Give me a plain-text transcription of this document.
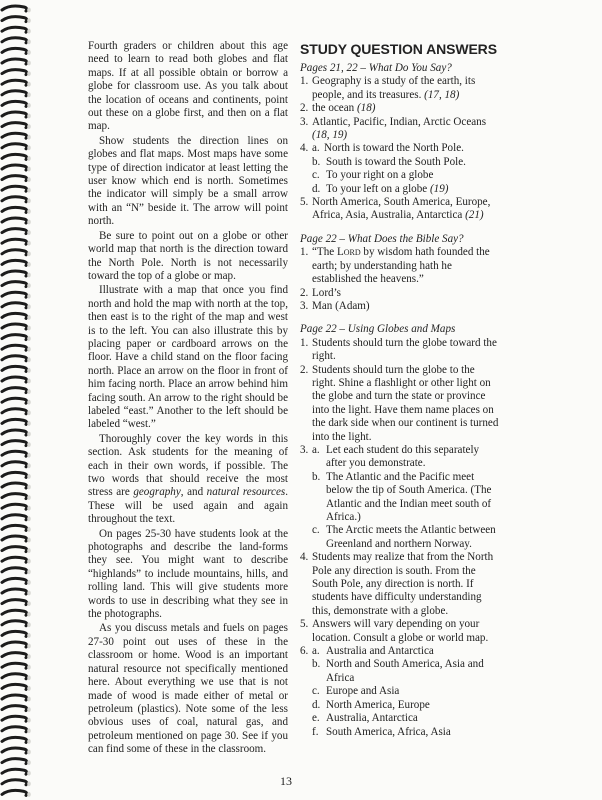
Fourth graders or children about this age need to learn to read both globes and flat maps. If at all possible obtain or borrow a globe for classroom use. As you talk about the location of oceans and continents, point out these on a globe first, and then on a flat map.

Show students the direction lines on globes and flat maps. Most maps have some type of direction indicator at least letting the user know which end is north. Sometimes the indicator will simply be a small arrow with an “N” beside it. The arrow will point north.

Be sure to point out on a globe or other world map that north is the direction toward the North Pole. North is not necessarily toward the top of a globe or map.

Illustrate with a map that once you find north and hold the map with north at the top, then east is to the right of the map and west is to the left. You can also illustrate this by placing paper or cardboard arrows on the floor. Have a child stand on the floor facing north. Place an arrow on the floor in front of him facing north. Place an arrow behind him facing south. An arrow to the right should be labeled “east.” Another to the left should be labeled “west.”

Thoroughly cover the key words in this section. Ask students for the meaning of each in their own words, if possible. The two words that should receive the most stress are geography, and natural resources. These will be used again and again throughout the text.

On pages 25-30 have students look at the photographs and describe the land-forms they see. You might want to describe “highlands” to include mountains, hills, and rolling land. This will give students more words to use in describing what they see in the photographs.

As you discuss metals and fuels on pages 27-30 point out uses of these in the classroom or home. Wood is an important natural resource not specifically mentioned here. About everything we use that is not made of wood is made either of metal or petroleum (plastics). Note some of the less obvious uses of coal, natural gas, and petroleum mentioned on page 30. See if you can find some of these in the classroom.

STUDY QUESTION ANSWERS
Pages 21, 22 – What Do You Say?
1. Geography is a study of the earth, its people, and its treasures. (17, 18)
2. the ocean (18)
3. Atlantic, Pacific, Indian, Arctic Oceans (18, 19)
a. 4. North is toward the North Pole.
b. South is toward the South Pole.
c. To your right on a globe
d. To your left on a globe (19)
5. North America, South America, Europe, Africa, Asia, Australia, Antarctica (21)
Page 22 – What Does the Bible Say?
1. “The Lord by wisdom hath founded the earth; by understanding hath he established the heavens.”
2. Lord’s
3. Man (Adam)
Page 22 – Using Globes and Maps
1. Students should turn the globe toward the right.
2. Students should turn the globe to the right. Shine a flashlight or other light on the globe and turn the state or province into the light. Have them name places on the dark side when our continent is turned into the light.
a. 3. Let each student do this separately after you demonstrate.
b. The Atlantic and the Pacific meet below the tip of South America. (The Atlantic and the Indian meet south of Africa.)
c. The Arctic meets the Atlantic between Greenland and northern Norway.
4. Students may realize that from the North Pole any direction is south. From the South Pole, any direction is north. If students have difficulty understanding this, demonstrate with a globe.
5. Answers will vary depending on your location. Consult a globe or world map.
a. 6. Australia and Antarctica
b. North and South America, Asia and Africa
c. Europe and Asia
d. North America, Europe
e. Australia, Antarctica
f. South America, Africa, Asia
13
